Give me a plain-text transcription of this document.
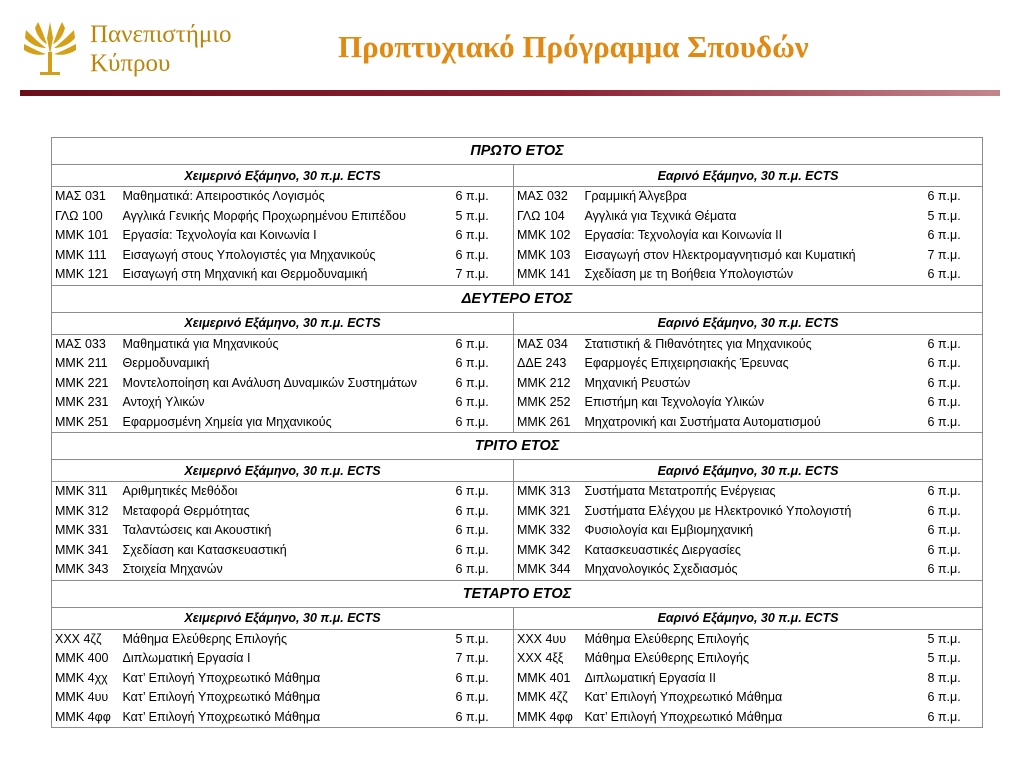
Πανεπιστήμιο
Κύπρου	Προπτυχιακό Πρόγραμμα Σπουδών
ΠΡΩΤΟ ΕΤΟΣ							
Χειμερινό Εξάμηνο, 30 π.μ. ECTS				Εαρινό Εξάμηνο, 30 π.μ. ECTS			
ΜΑΣ 031	Μαθηματικά: Απειροστικός Λογισμός	6 π.μ.		ΜΑΣ 032	Γραμμική Άλγεβρα	6 π.μ.	
ΓΛΩ 100	Αγγλικά Γενικής Μορφής Προχωρημένου Επιπέδου	5 π.μ.		ΓΛΩ 104	Αγγλικά για Τεχνικά Θέματα	5 π.μ.	
ΜΜΚ 101	Εργασία: Τεχνολογία και Κοινωνία Ι	6 π.μ.		ΜΜΚ 102	Εργασία: Τεχνολογία και Κοινωνία ΙΙ	6 π.μ.	
ΜΜΚ 111	Εισαγωγή στους Υπολογιστές για Μηχανικούς	6 π.μ.		ΜΜΚ 103	Εισαγωγή στον Ηλεκτρομαγνητισμό και Κυματική	7 π.μ.	
ΜΜΚ 121	Εισαγωγή στη Μηχανική και Θερμοδυναμική	7 π.μ.		ΜΜΚ 141	Σχεδίαση με τη Βοήθεια Υπολογιστών	6 π.μ.	
ΔΕΥΤΕΡΟ ΕΤΟΣ							
Χειμερινό Εξάμηνο, 30 π.μ. ECTS				Εαρινό Εξάμηνο, 30 π.μ. ECTS			
ΜΑΣ 033	Μαθηματικά για Μηχανικούς	6 π.μ.		ΜΑΣ 034	Στατιστική & Πιθανότητες για Μηχανικούς	6 π.μ.	
ΜΜΚ 211	Θερμοδυναμική	6 π.μ.		ΔΔΕ 243	Εφαρμογές Επιχειρησιακής Έρευνας	6 π.μ.	
ΜΜΚ 221	Μοντελοποίηση και Ανάλυση Δυναμικών Συστημάτων	6 π.μ.		ΜΜΚ 212	Μηχανική Ρευστών	6 π.μ.	
ΜΜΚ 231	Αντοχή Υλικών	6 π.μ.		ΜΜΚ 252	Επιστήμη και Τεχνολογία Υλικών	6 π.μ.	
ΜΜΚ 251	Εφαρμοσμένη Χημεία για Μηχανικούς	6 π.μ.		ΜΜΚ 261	Μηχατρονική και Συστήματα Αυτοματισμού	6 π.μ.	
ΤΡΙΤΟ ΕΤΟΣ							
Χειμερινό Εξάμηνο, 30 π.μ. ECTS				Εαρινό Εξάμηνο, 30 π.μ. ECTS			
ΜΜΚ 311	Αριθμητικές Μεθόδοι	6 π.μ.		ΜΜΚ 313	Συστήματα Μετατροπής Ενέργειας	6 π.μ.	
ΜΜΚ 312	Μεταφορά Θερμότητας	6 π.μ.		ΜΜΚ 321	Συστήματα Ελέγχου με Ηλεκτρονικό Υπολογιστή	6 π.μ.	
ΜΜΚ 331	Ταλαντώσεις και Ακουστική	6 π.μ.		ΜΜΚ 332	Φυσιολογία και Εμβιομηχανική	6 π.μ.	
ΜΜΚ 341	Σχεδίαση και Κατασκευαστική	6 π.μ.		ΜΜΚ 342	Κατασκευαστικές Διεργασίες	6 π.μ.	
ΜΜΚ 343	Στοιχεία Μηχανών	6 π.μ.		ΜΜΚ 344	Μηχανολογικός Σχεδιασμός	6 π.μ.	
ΤΕΤΑΡΤΟ ΕΤΟΣ							
Χειμερινό Εξάμηνο, 30 π.μ. ECTS				Εαρινό Εξάμηνο, 30 π.μ. ECTS			
ΧΧΧ 4ζζ	Μάθημα Ελεύθερης Επιλογής	5 π.μ.		ΧΧΧ 4υυ	Μάθημα Ελεύθερης Επιλογής	5 π.μ.	
ΜΜΚ 400	Διπλωματική Εργασία Ι	7 π.μ.		ΧΧΧ 4ξξ	Μάθημα Ελεύθερης Επιλογής	5 π.μ.	
ΜΜΚ 4χχ	Κατ’ Επιλογή Υποχρεωτικό Μάθημα	6 π.μ.		ΜΜΚ 401	Διπλωματική Εργασία ΙΙ	8 π.μ.	
ΜΜΚ 4υυ	Κατ’ Επιλογή Υποχρεωτικό Μάθημα	6 π.μ.		ΜΜΚ 4ζζ	Κατ’ Επιλογή Υποχρεωτικό Μάθημα	6 π.μ.	
ΜΜΚ 4φφ	Κατ’ Επιλογή Υποχρεωτικό Μάθημα	6 π.μ.		ΜΜΚ 4φφ	Κατ’ Επιλογή Υποχρεωτικό Μάθημα	6 π.μ.	
